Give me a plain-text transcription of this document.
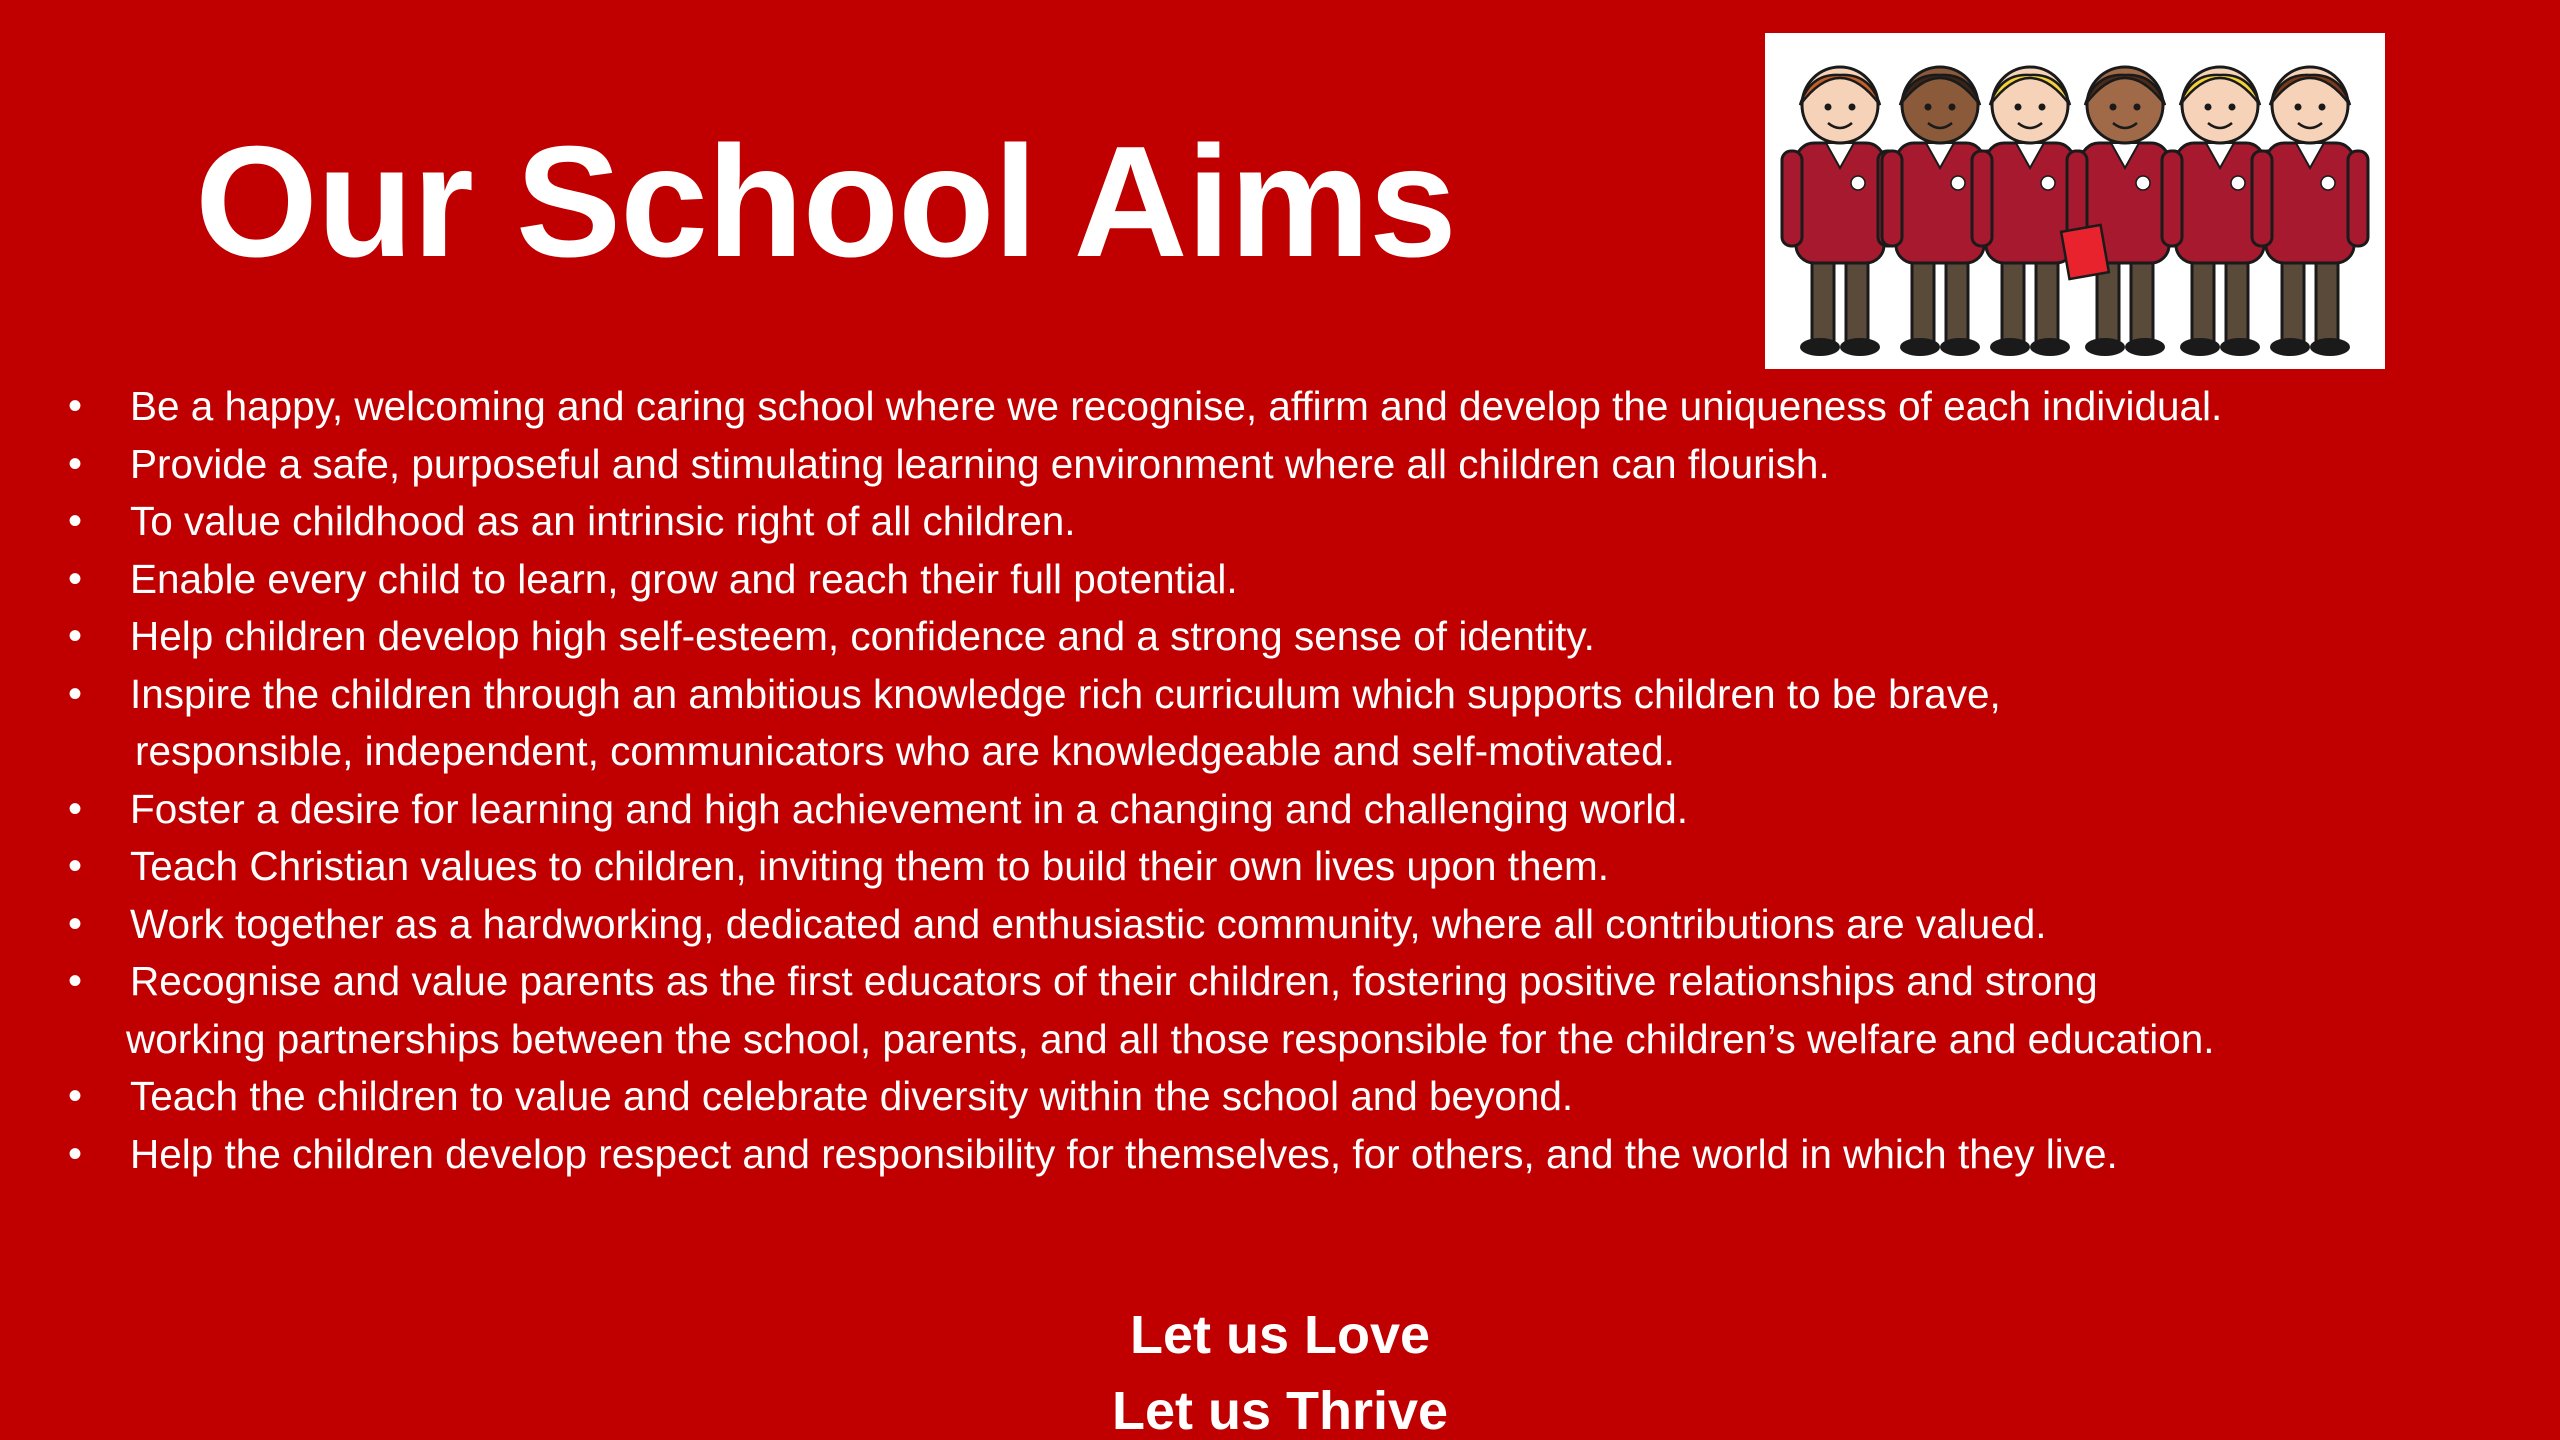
Our School Aims
• Be a happy, welcoming and caring school where we recognise, affirm and develop the uniqueness of each individual.
• Provide a safe, purposeful and stimulating learning environment where all children can flourish.
• To value childhood as an intrinsic right of all children.
• Enable every child to learn, grow and reach their full potential.
• Help children develop high self-esteem, confidence and a strong sense of identity.
• Inspire the children through an ambitious knowledge rich curriculum which supports children to be brave,
responsible, independent, communicators who are knowledgeable and self-motivated.
• Foster a desire for learning and high achievement in a changing and challenging world.
• Teach Christian values to children, inviting them to build their own lives upon them.
• Work together as a hardworking, dedicated and enthusiastic community, where all contributions are valued.
• Recognise and value parents as the first educators of their children, fostering positive relationships and strong
working partnerships between the school, parents, and all those responsible for the children’s welfare and education.
• Teach the children to value and celebrate diversity within the school and beyond.
• Help the children develop respect and responsibility for themselves, for others, and the world in which they live.
Let us Love
Let us Thrive
